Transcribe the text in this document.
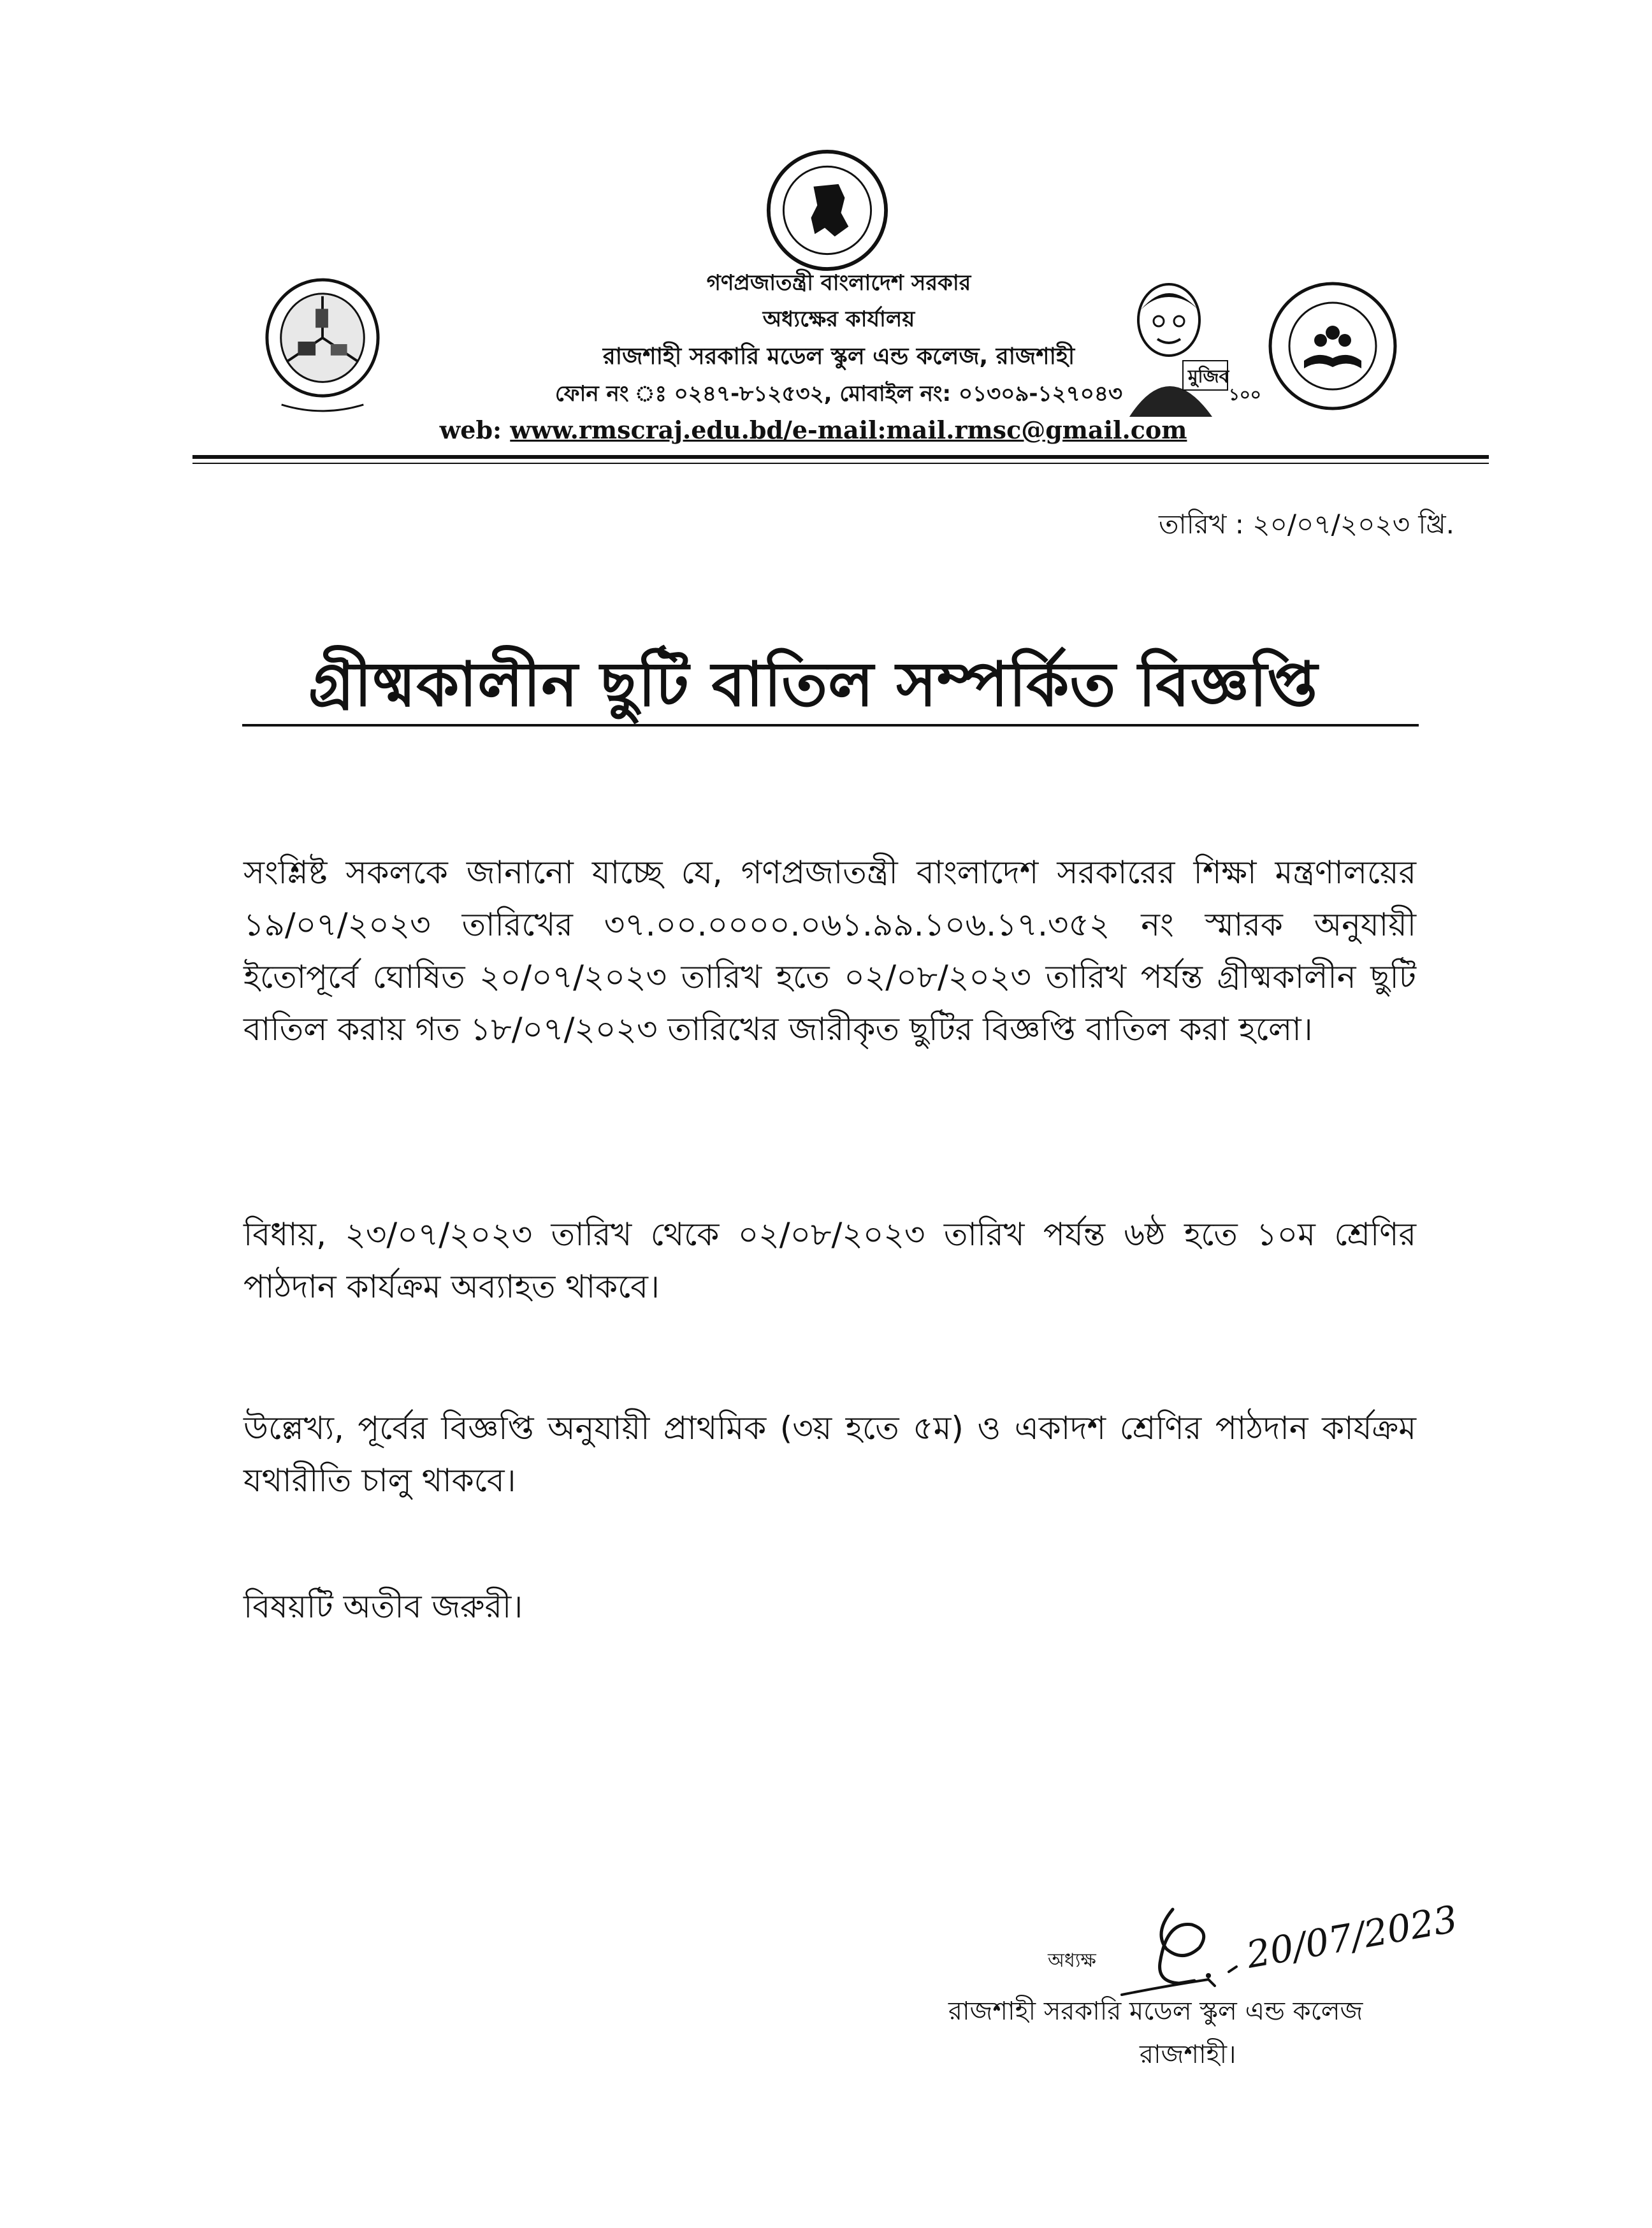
মুজিব
১০০
গণপ্রজাতন্ত্রী বাংলাদেশ সরকার
অধ্যক্ষের কার্যালয়
রাজশাহী সরকারি মডেল স্কুল এন্ড কলেজ, রাজশাহী
ফোন নং ঃ ০২৪৭-৮১২৫৩২, মোবাইল নং: ০১৩০৯-১২৭০৪৩
web: www.rmscraj.edu.bd/e-mail:mail.rmsc@gmail.com
তারিখ : ২০/০৭/২০২৩ খ্রি.
গ্রীষ্মকালীন ছুটি বাতিল সম্পর্কিত বিজ্ঞপ্তি
সংশ্লিষ্ট সকলকে জানানো যাচ্ছে যে, গণপ্রজাতন্ত্রী বাংলাদেশ সরকারের শিক্ষা মন্ত্রণালয়ের ১৯/০৭/২০২৩ তারিখের ৩৭.০০.০০০০.০৬১.৯৯.১০৬.১৭.৩৫২ নং স্মারক অনুযায়ী ইতোপূর্বে ঘোষিত ২০/০৭/২০২৩ তারিখ হতে ০২/০৮/২০২৩ তারিখ পর্যন্ত গ্রীষ্মকালীন ছুটি বাতিল করায় গত ১৮/০৭/২০২৩ তারিখের জারীকৃত ছুটির বিজ্ঞপ্তি বাতিল করা হলো।
বিধায়, ২৩/০৭/২০২৩ তারিখ থেকে ০২/০৮/২০২৩ তারিখ পর্যন্ত ৬ষ্ঠ হতে ১০ম শ্রেণির পাঠদান কার্যক্রম অব্যাহত থাকবে।
উল্লেখ্য, পূর্বের বিজ্ঞপ্তি অনুযায়ী প্রাথমিক (৩য় হতে ৫ম) ও একাদশ শ্রেণির পাঠদান কার্যক্রম যথারীতি চালু থাকবে।
বিষয়টি অতীব জরুরী।
20/07/2023
অধ্যক্ষ
রাজশাহী সরকারি মডেল স্কুল এন্ড কলেজ
রাজশাহী।
